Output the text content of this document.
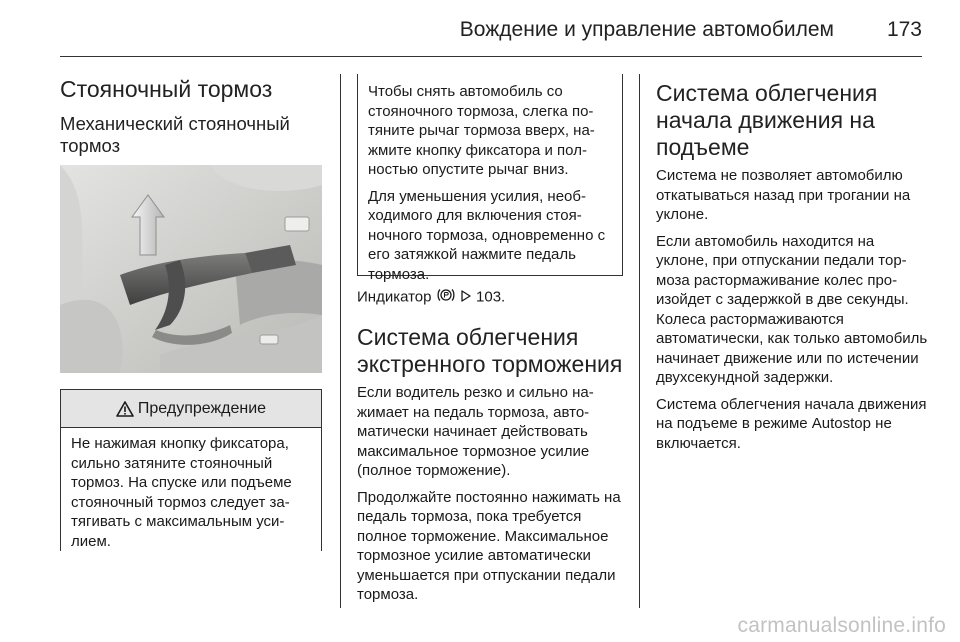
Вождение и управление автомобилем	173
Стояночный тормоз
Механический стояночный тормоз
Предупреждение
Не нажимая кнопку фиксатора, сильно затяните стояночный тормоз. На спуске или подъеме стояночный тормоз следует затягивать с максимальным усилием.

Чтобы снять автомобиль со стояночного тормоза, слегка потяните рычаг тормоза вверх, нажмите кнопку фиксатора и полностью опустите рычаг вниз.

Для уменьшения усилия, необходимого для включения стояночного тормоза, одновременно с его затяжкой нажмите педаль тормоза.

Индикатор	103.
Система облегчения экстренного торможения

Если водитель резко и сильно нажимает на педаль тормоза, автоматически начинает действовать максимальное тормозное усилие (полное торможение).

Продолжайте постоянно нажимать на педаль тормоза, пока требуется полное торможение. Максимальное тормозное усилие автоматически уменьшается при отпускании педали тормоза.

Система облегчения начала движения на подъеме

Система не позволяет автомобилю откатываться назад при трогании на уклоне.

Если автомобиль находится на уклоне, при отпускании педали тормоза растормаживание колес произойдет с задержкой в две секунды. Колеса растормаживаются автоматически, как только автомобиль начинает движение или по истечении двухсекундной задержки.

Система облегчения начала движения на подъеме в режиме Autostop не включается.

carmanualsonline.info
